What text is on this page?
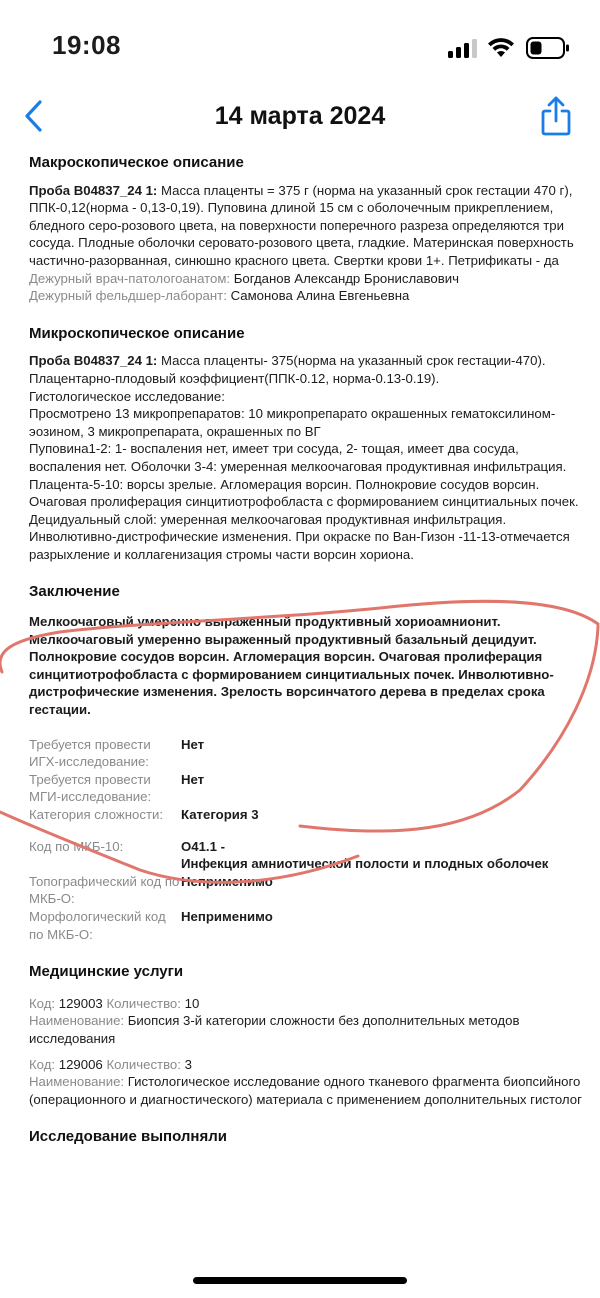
19:08
14 марта 2024
Макроскопическое описание

Проба B04837_24 1: Масса плаценты = 375 г (норма на указанный срок гестации 470 г), ППК-0,12(норма - 0,13-0,19). Пуповина длиной 15 см с оболочечным прикреплением, бледного серо-розового цвета, на поверхности поперечного разреза определяются три сосуда. Плодные оболочки серовато-розового цвета, гладкие. Материнская поверхность частично-разорванная, синюшно красного цвета. Свертки крови 1+. Петрификаты - да

Дежурный врач-патологоанатом: Богданов Александр Брониславович

Дежурный фельдшер-лаборант: Самонова Алина Евгеньевна

Микроскопическое описание

Проба B04837_24 1: Масса плаценты- 375(норма на указанный срок гестации-470). Плацентарно-плодовый коэффициент(ППК-0.12, норма-0.13-0.19).

Гистологическое исследование:

Просмотрено 13 микропрепаратов: 10 микропрепарато окрашенных гематоксилином-эозином, 3 микропрепарата, окрашенных по ВГ

Пуповина1-2: 1- воспаления нет, имеет три сосуда, 2- тощая, имеет два сосуда, воспаления нет. Оболочки 3-4: умеренная мелкоочаговая продуктивная инфильтрация. Плацента-5-10: ворсы зрелые. Агломерация ворсин. Полнокровие сосудов ворсин. Очаговая пролиферация синцитиотрофобласта с формированием синцитиальных почек. Децидуальный слой: умеренная мелкоочаговая продуктивная инфильтрация. Инволютивно-дистрофические изменения. При окраске по Ван-Гизон -11-13-отмечается разрыхление и коллагенизация стромы части ворсин хориона.

Заключение

Мелкоочаговый умеренно выраженный продуктивный хориоамнионит. Мелкоочаговый умеренно выраженный продуктивный базальный децидуит. Полнокровие сосудов ворсин. Агломерация ворсин. Очаговая пролиферация синцитиотрофобласта с формированием синцитиальных почек. Инволютивно-дистрофические изменения. Зрелость ворсинчатого дерева в пределах срока гестации.

Требуется провести ИГХ-исследование:
Нет
Требуется провести МГИ-исследование:
Нет
Категория сложности:	Категория 3
Код по МКБ-10:	O41.1 -
Инфекция амниотической полости и плодных оболочек
Топографический код по МКБ-О:
Неприменимо
Морфологический код по МКБ-О:
Неприменимо
Медицинские услуги

Код: 129003 Количество: 10

Наименование: Биопсия 3-й категории сложности без дополнительных методов исследования

Код: 129006 Количество: 3

Наименование: Гистологическое исследование одного тканевого фрагмента биопсийного (операционного и диагностического) материала с применением дополнительных гистолог

Исследование выполняли
